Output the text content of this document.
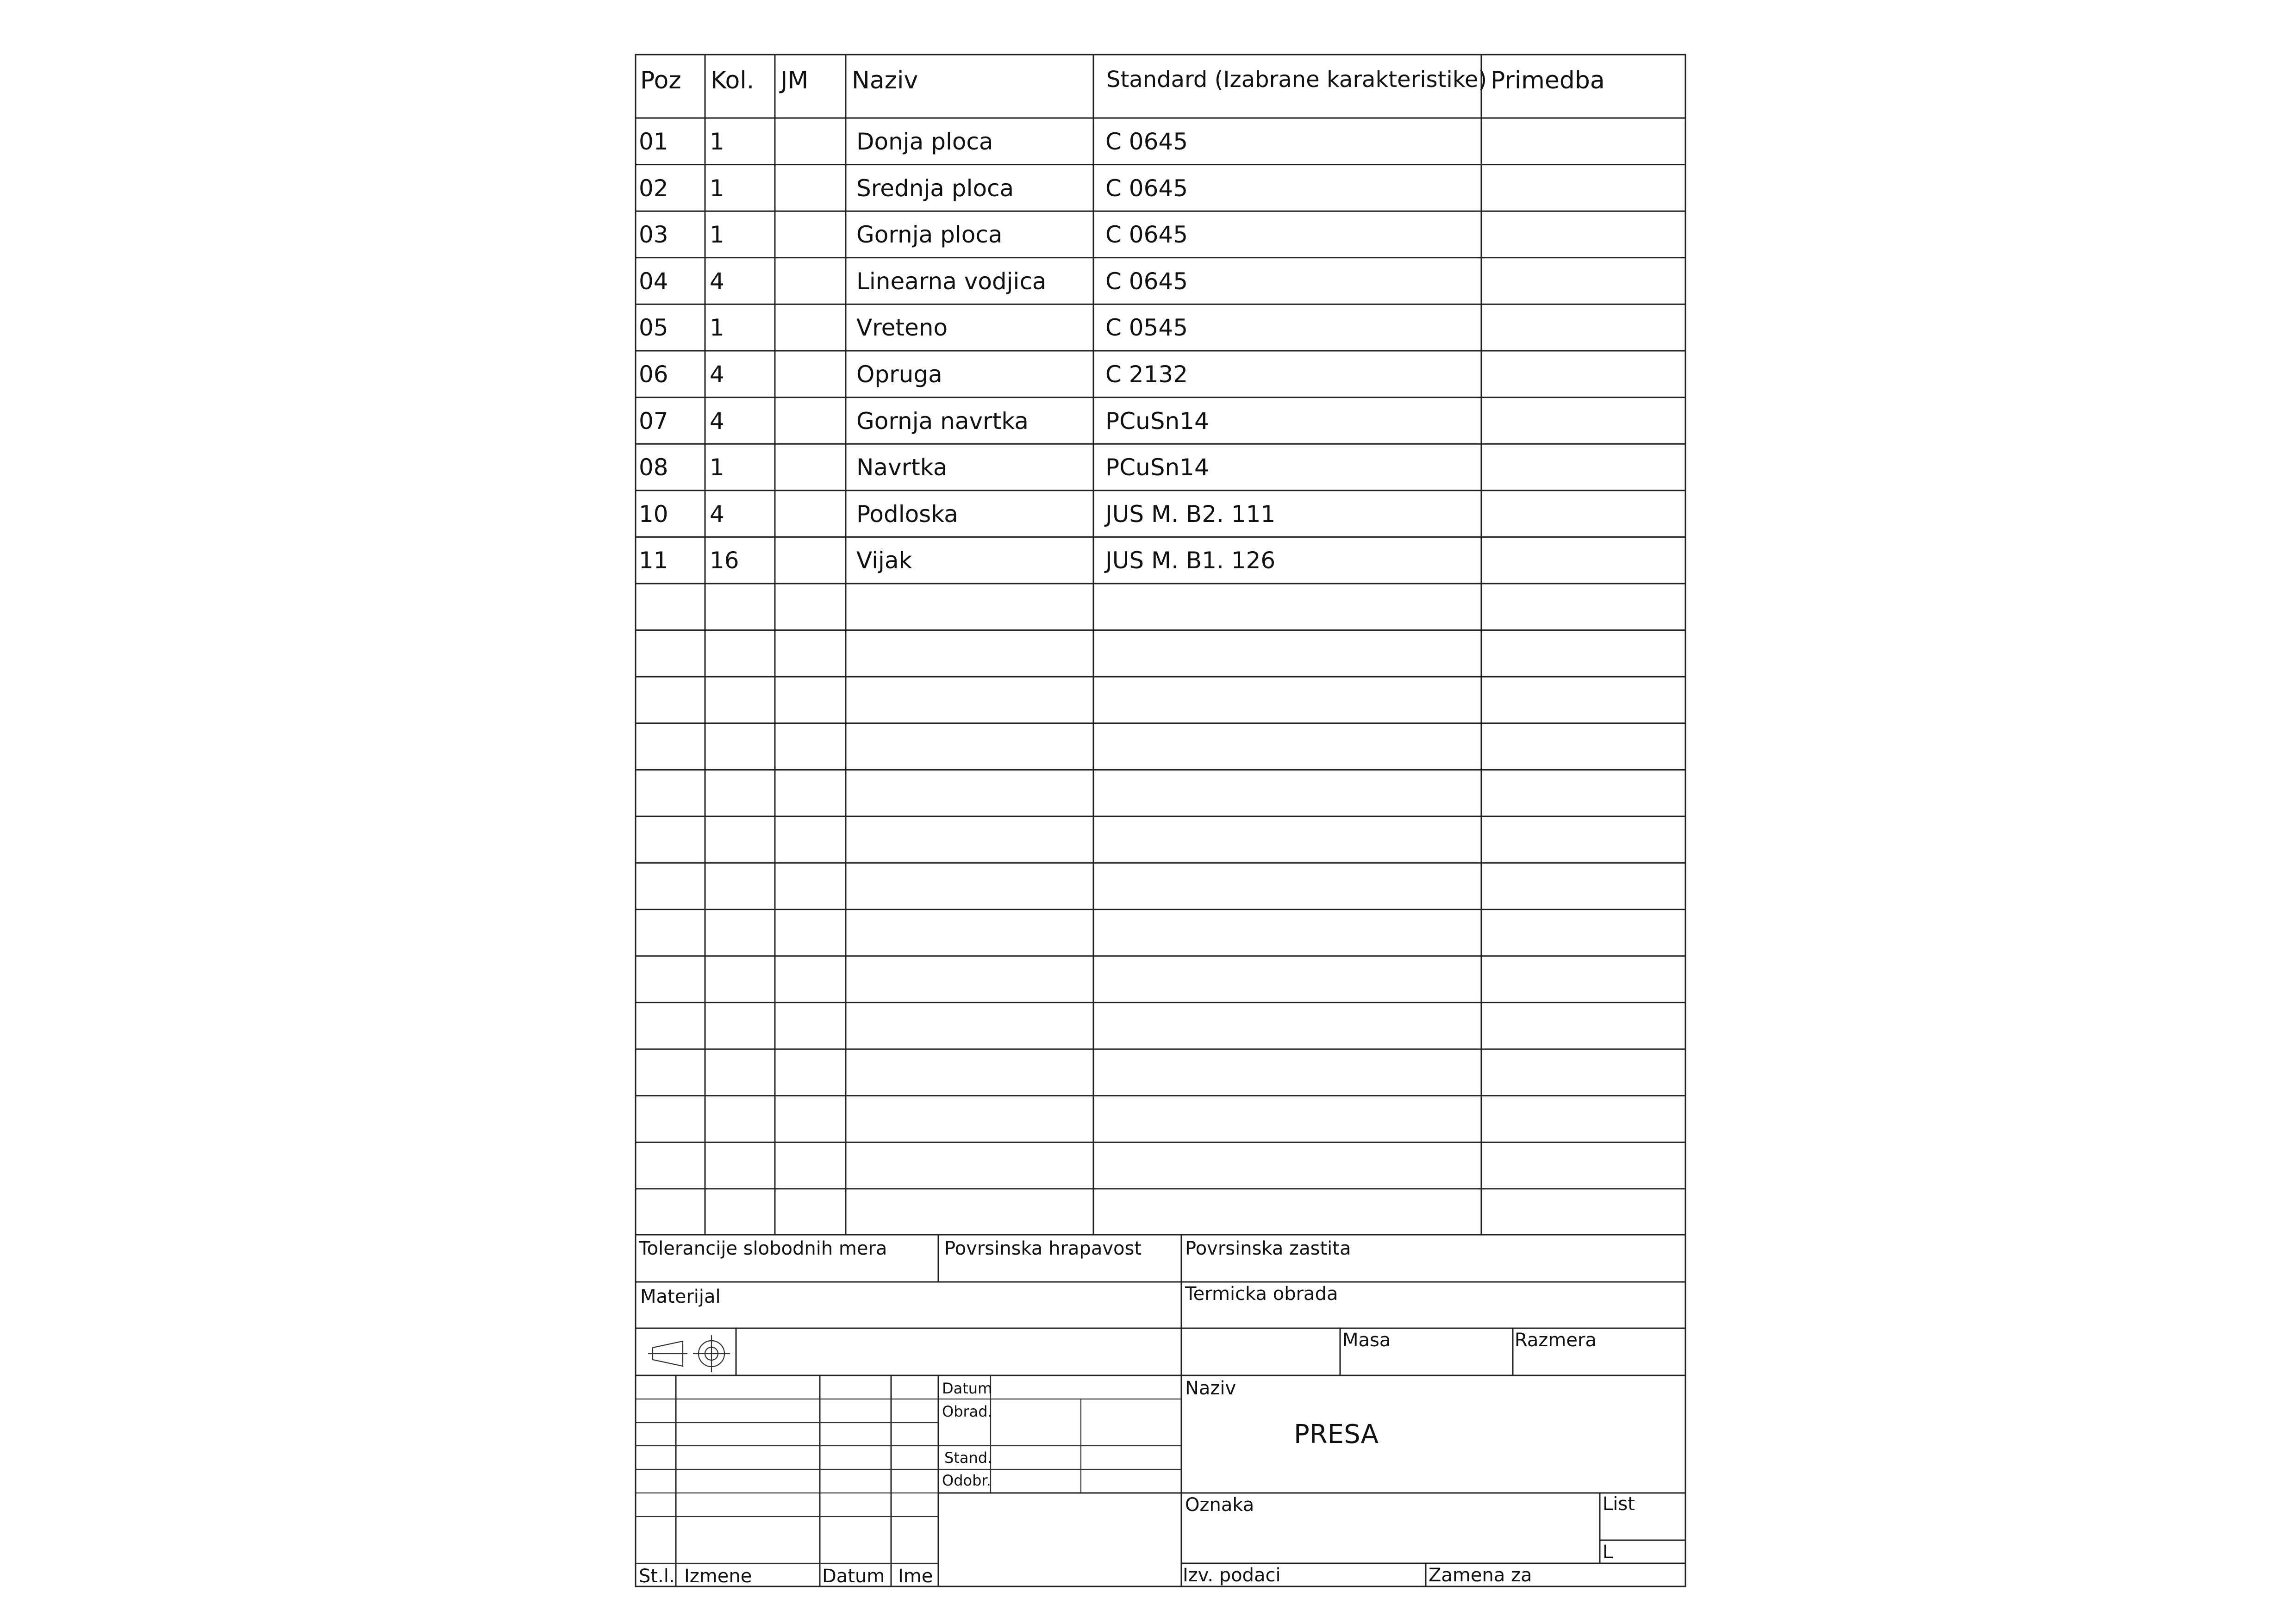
Poz Kol. JM Naziv	Standard (Izabrane karakteristike) Primedba
01 1	Donja ploca	C 0645
02 1	Srednja ploca	C 0645
03 1	Gornja ploca	C 0645
04 4	Linearna vodjica	C 0645
05 1	Vreteno	C 0545
06 4	Opruga	C 2132
07 4	Gornja navrtka	PCuSn14
08 1	Navrtka	PCuSn14
10 4	Podloska	JUS M. B2. 111
11 16	Vijak	JUS M. B1. 126
Tolerancije slobodnih mera	Povrsinska hrapavost Povrsinska zastita
Materijal	Termicka obrada
Masa	Razmera
Naziv
PRESA
Datum
Obrad.
Stand.
Odobr.
Oznaka	List
L
Izv. podaci	Zamena za
St.l. Izmene	Datum Ime
